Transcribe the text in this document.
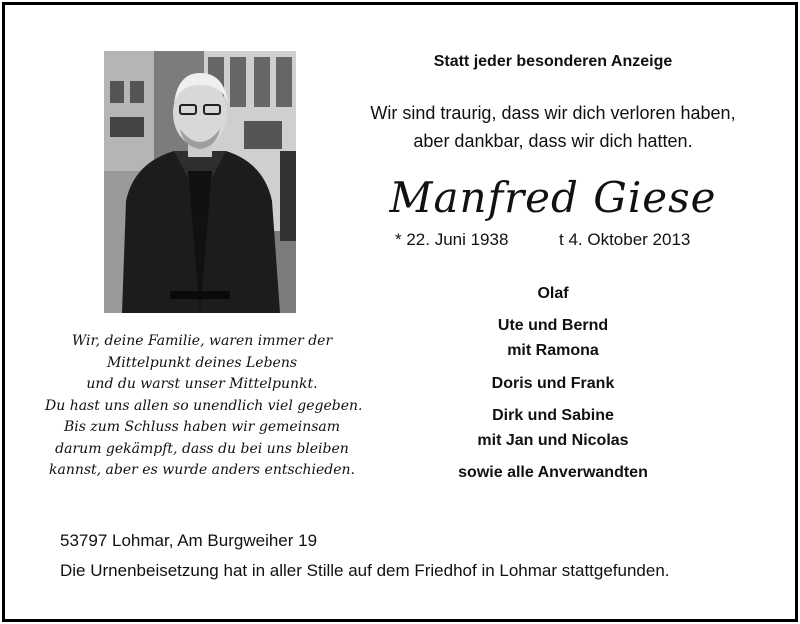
Wir, deine Familie, waren immer der
Mittelpunkt deines Lebens
und du warst unser Mittelpunkt.
Du hast uns allen so unendlich viel gegeben.
Bis zum Schluss haben wir gemeinsam
darum gekämpft, dass du bei uns bleiben
kannst, aber es wurde anders entschieden.
Statt jeder besonderen Anzeige
Wir sind traurig, dass wir dich verloren haben,
aber dankbar, dass wir dich hatten.
Manfred Giese
* 22. Juni 1938	t 4. Oktober 2013
Olaf
Ute und Bernd
mit Ramona
Doris und Frank
Dirk und Sabine
mit Jan und Nicolas
sowie alle Anverwandten
53797 Lohmar, Am Burgweiher 19
Die Urnenbeisetzung hat in aller Stille auf dem Friedhof in Lohmar stattgefunden.
